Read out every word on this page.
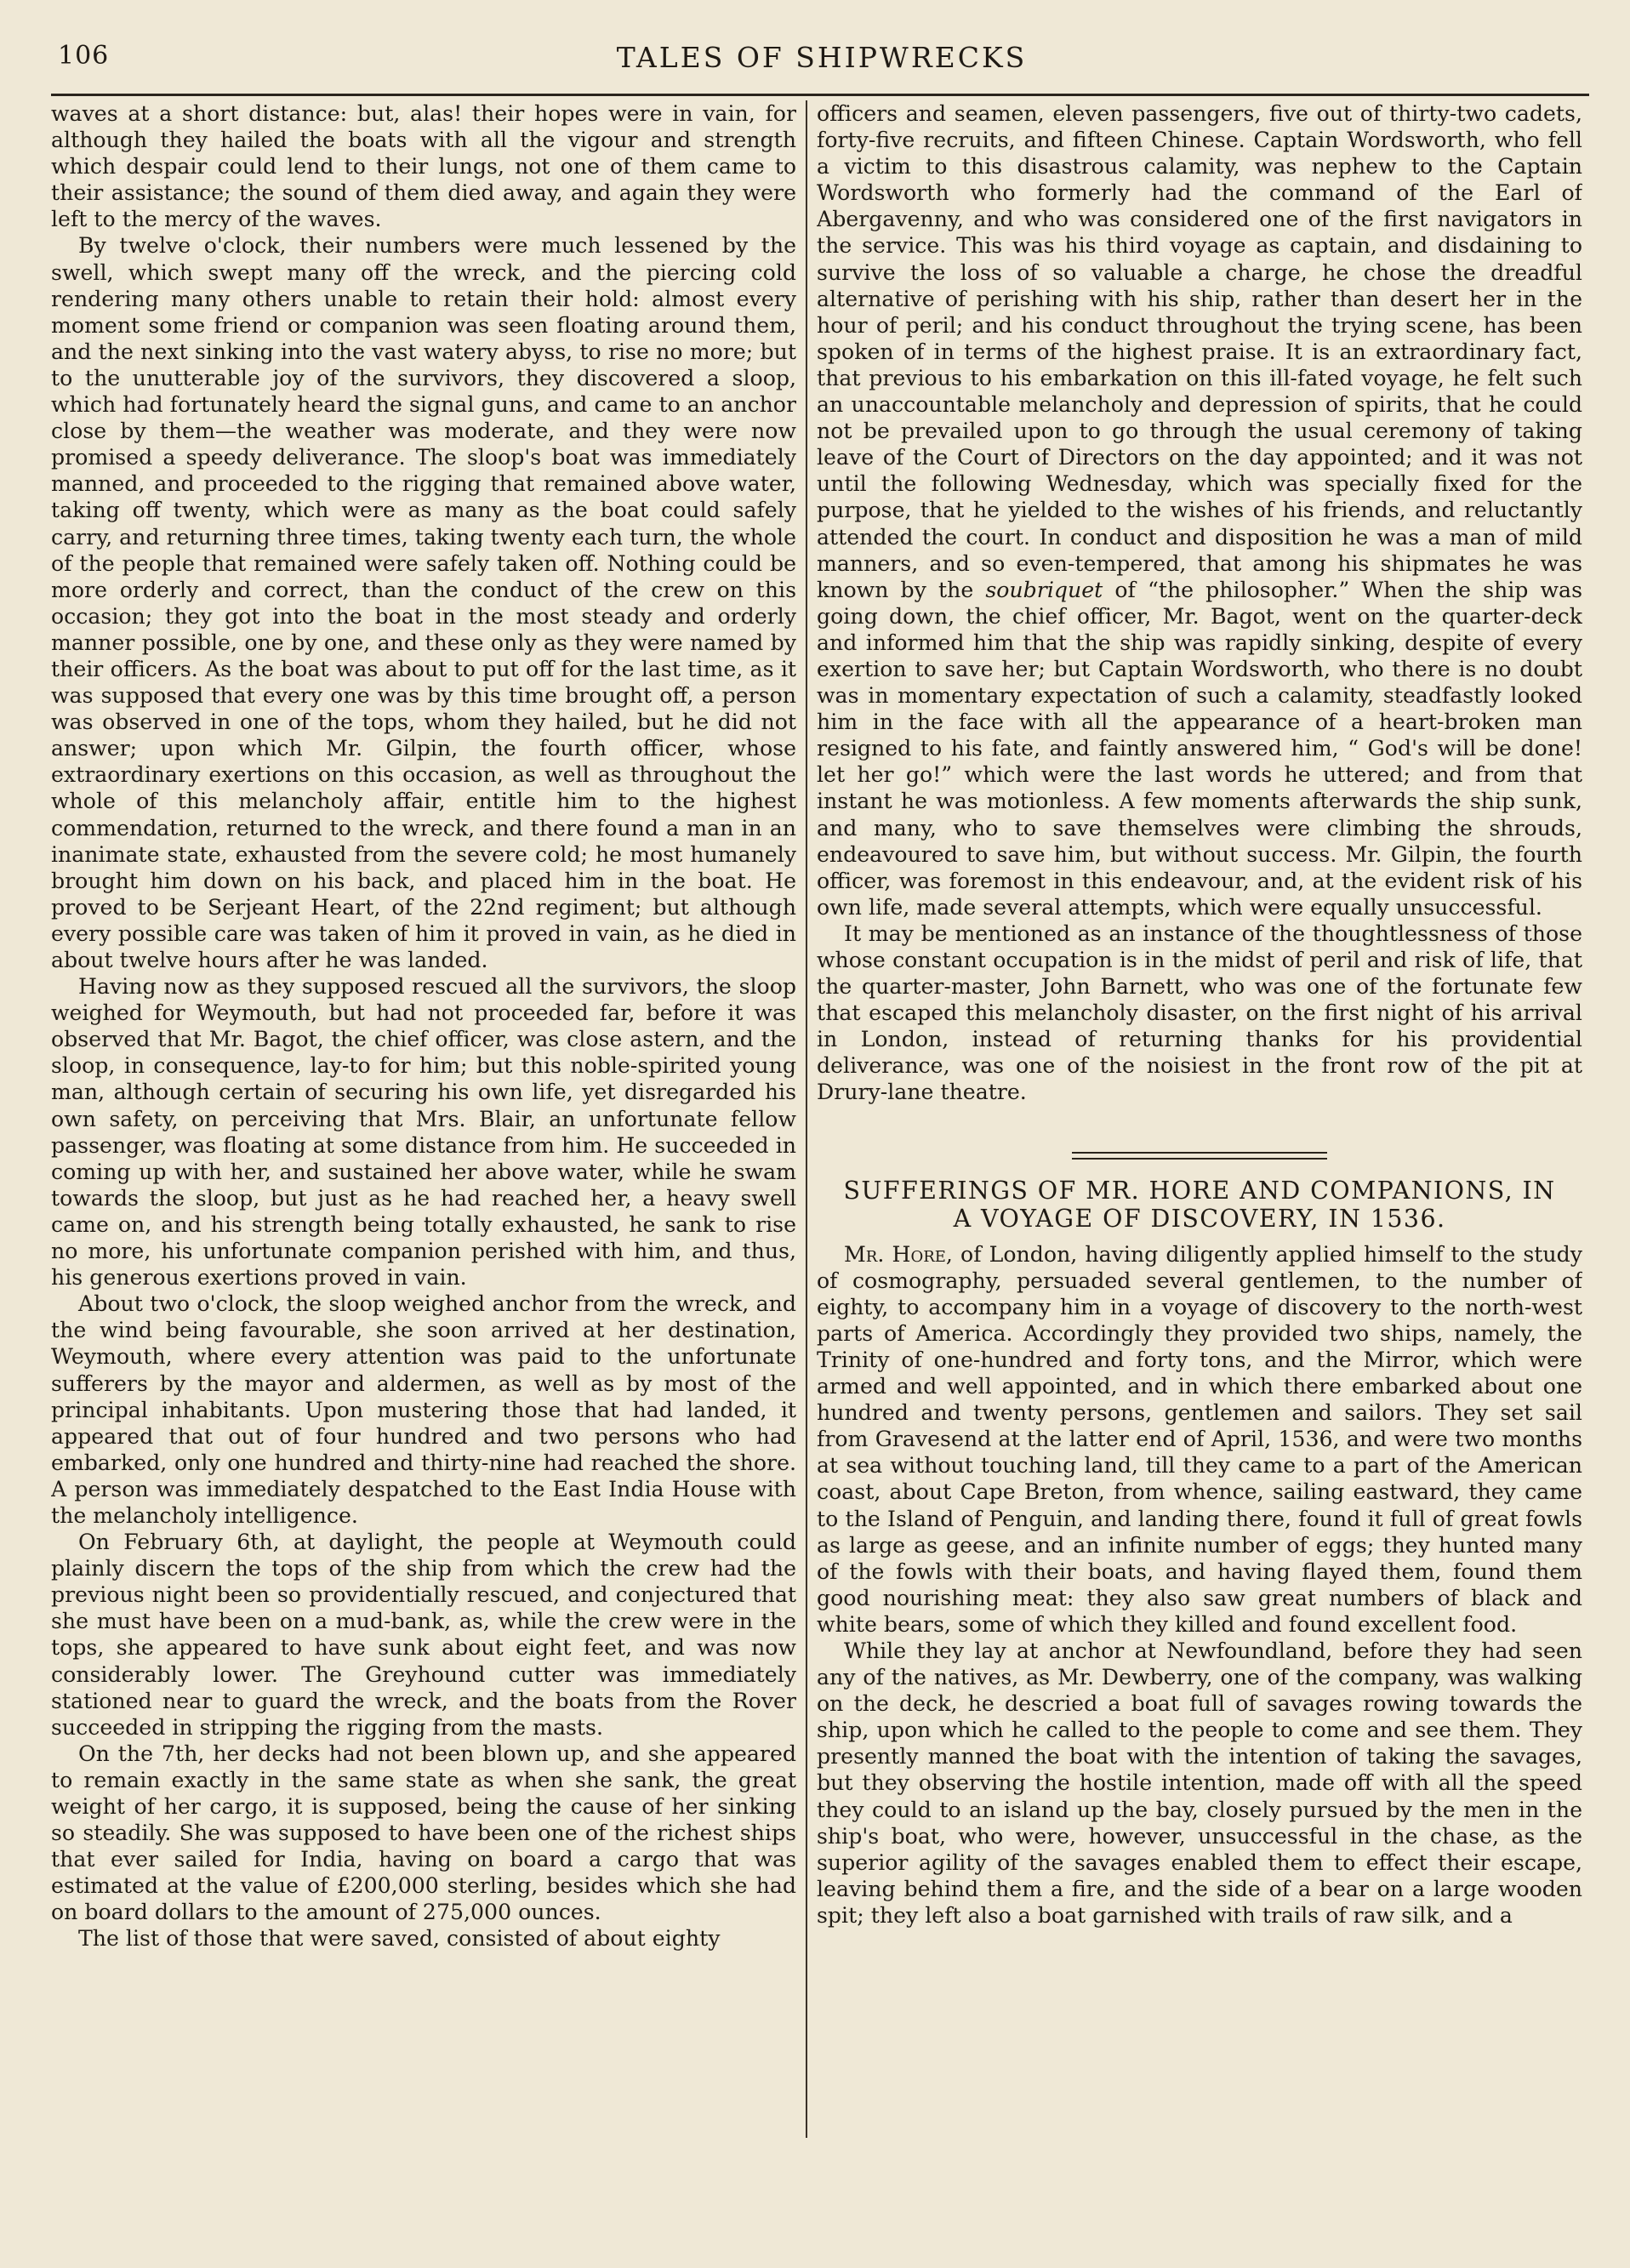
106	TALES OF SHIPWRECKS

waves at a short distance: but, alas! their hopes were in vain, for although they hailed the boats with all the vigour and strength which despair could lend to their lungs, not one of them came to their assistance; the sound of them died away, and again they were left to the mercy of the waves.

By twelve o'clock, their numbers were much lessened by the swell, which swept many off the wreck, and the piercing cold rendering many others unable to retain their hold: almost every moment some friend or companion was seen floating around them, and the next sinking into the vast watery abyss, to rise no more; but to the unutterable joy of the survivors, they discovered a sloop, which had fortunately heard the signal guns, and came to an anchor close by them—the weather was moderate, and they were now promised a speedy deliverance. The sloop's boat was immediately manned, and proceeded to the rigging that remained above water, taking off twenty, which were as many as the boat could safely carry, and returning three times, taking twenty each turn, the whole of the people that remained were safely taken off. Nothing could be more orderly and correct, than the conduct of the crew on this occasion; they got into the boat in the most steady and orderly manner possible, one by one, and these only as they were named by their officers. As the boat was about to put off for the last time, as it was supposed that every one was by this time brought off, a person was observed in one of the tops, whom they hailed, but he did not answer; upon which Mr. Gilpin, the fourth officer, whose extraordinary exertions on this occasion, as well as throughout the whole of this melancholy affair, entitle him to the highest commendation, returned to the wreck, and there found a man in an inanimate state, exhausted from the severe cold; he most humanely brought him down on his back, and placed him in the boat. He proved to be Serjeant Heart, of the 22nd regiment; but although every possible care was taken of him it proved in vain, as he died in about twelve hours after he was landed.

Having now as they supposed rescued all the survivors, the sloop weighed for Weymouth, but had not proceeded far, before it was observed that Mr. Bagot, the chief officer, was close astern, and the sloop, in consequence, lay-to for him; but this noble-spirited young man, although certain of securing his own life, yet disregarded his own safety, on perceiving that Mrs. Blair, an unfortunate fellow passenger, was floating at some distance from him. He succeeded in coming up with her, and sustained her above water, while he swam towards the sloop, but just as he had reached her, a heavy swell came on, and his strength being totally exhausted, he sank to rise no more, his unfortunate companion perished with him, and thus, his generous exertions proved in vain.

About two o'clock, the sloop weighed anchor from the wreck, and the wind being favourable, she soon arrived at her destination, Weymouth, where every attention was paid to the unfortunate sufferers by the mayor and aldermen, as well as by most of the principal inhabitants. Upon mustering those that had landed, it appeared that out of four hundred and two persons who had embarked, only one hundred and thirty-nine had reached the shore. A person was immediately despatched to the East India House with the melancholy intelligence.

On February 6th, at daylight, the people at Weymouth could plainly discern the tops of the ship from which the crew had the previous night been so providentially rescued, and conjectured that she must have been on a mud-bank, as, while the crew were in the tops, she appeared to have sunk about eight feet, and was now considerably lower. The Greyhound cutter was immediately stationed near to guard the wreck, and the boats from the Rover succeeded in stripping the rigging from the masts.

On the 7th, her decks had not been blown up, and she appeared to remain exactly in the same state as when she sank, the great weight of her cargo, it is supposed, being the cause of her sinking so steadily. She was supposed to have been one of the richest ships that ever sailed for India, having on board a cargo that was estimated at the value of £200,000 sterling, besides which she had on board dollars to the amount of 275,000 ounces.

The list of those that were saved, consisted of about eighty

officers and seamen, eleven passengers, five out of thirty-two cadets, forty-five recruits, and fifteen Chinese. Captain Wordsworth, who fell a victim to this disastrous calamity, was nephew to the Captain Wordsworth who formerly had the command of the Earl of Abergavenny, and who was considered one of the first navigators in the service. This was his third voyage as captain, and disdaining to survive the loss of so valuable a charge, he chose the dreadful alternative of perishing with his ship, rather than desert her in the hour of peril; and his conduct throughout the trying scene, has been spoken of in terms of the highest praise. It is an extraordinary fact, that previous to his embarkation on this ill-fated voyage, he felt such an unaccountable melancholy and depression of spirits, that he could not be prevailed upon to go through the usual ceremony of taking leave of the Court of Directors on the day appointed; and it was not until the following Wednesday, which was specially fixed for the purpose, that he yielded to the wishes of his friends, and reluctantly attended the court. In conduct and disposition he was a man of mild manners, and so even-tempered, that among his shipmates he was known by the soubriquet of “the philosopher.” When the ship was going down, the chief officer, Mr. Bagot, went on the quarter-deck and informed him that the ship was rapidly sinking, despite of every exertion to save her; but Captain Wordsworth, who there is no doubt was in momentary expectation of such a calamity, steadfastly looked him in the face with all the appearance of a heart-broken man resigned to his fate, and faintly answered him, “ God's will be done! let her go!” which were the last words he uttered; and from that instant he was motionless. A few moments afterwards the ship sunk, and many, who to save themselves were climbing the shrouds, endeavoured to save him, but without success. Mr. Gilpin, the fourth officer, was foremost in this endeavour, and, at the evident risk of his own life, made several attempts, which were equally unsuccessful.

It may be mentioned as an instance of the thoughtlessness of those whose constant occupation is in the midst of peril and risk of life, that the quarter-master, John Barnett, who was one of the fortunate few that escaped this melancholy disaster, on the first night of his arrival in London, instead of returning thanks for his providential deliverance, was one of the noisiest in the front row of the pit at Drury-lane theatre.

SUFFERINGS OF MR. HORE AND COMPANIONS, IN
A VOYAGE OF DISCOVERY, IN 1536.

Mr. Hore, of London, having diligently applied himself to the study of cosmography, persuaded several gentlemen, to the number of eighty, to accompany him in a voyage of discovery to the north-west parts of America. Accordingly they provided two ships, namely, the Trinity of one-hundred and forty tons, and the Mirror, which were armed and well appointed, and in which there embarked about one hundred and twenty persons, gentlemen and sailors. They set sail from Gravesend at the latter end of April, 1536, and were two months at sea without touching land, till they came to a part of the American coast, about Cape Breton, from whence, sailing eastward, they came to the Island of Penguin, and landing there, found it full of great fowls as large as geese, and an infinite number of eggs; they hunted many of the fowls with their boats, and having flayed them, found them good nourishing meat: they also saw great numbers of black and white bears, some of which they killed and found excellent food.

While they lay at anchor at Newfoundland, before they had seen any of the natives, as Mr. Dewberry, one of the company, was walking on the deck, he descried a boat full of savages rowing towards the ship, upon which he called to the people to come and see them. They presently manned the boat with the intention of taking the savages, but they observing the hostile intention, made off with all the speed they could to an island up the bay, closely pursued by the men in the ship's boat, who were, however, unsuccessful in the chase, as the superior agility of the savages enabled them to effect their escape, leaving behind them a fire, and the side of a bear on a large wooden spit; they left also a boat garnished with trails of raw silk, and a
